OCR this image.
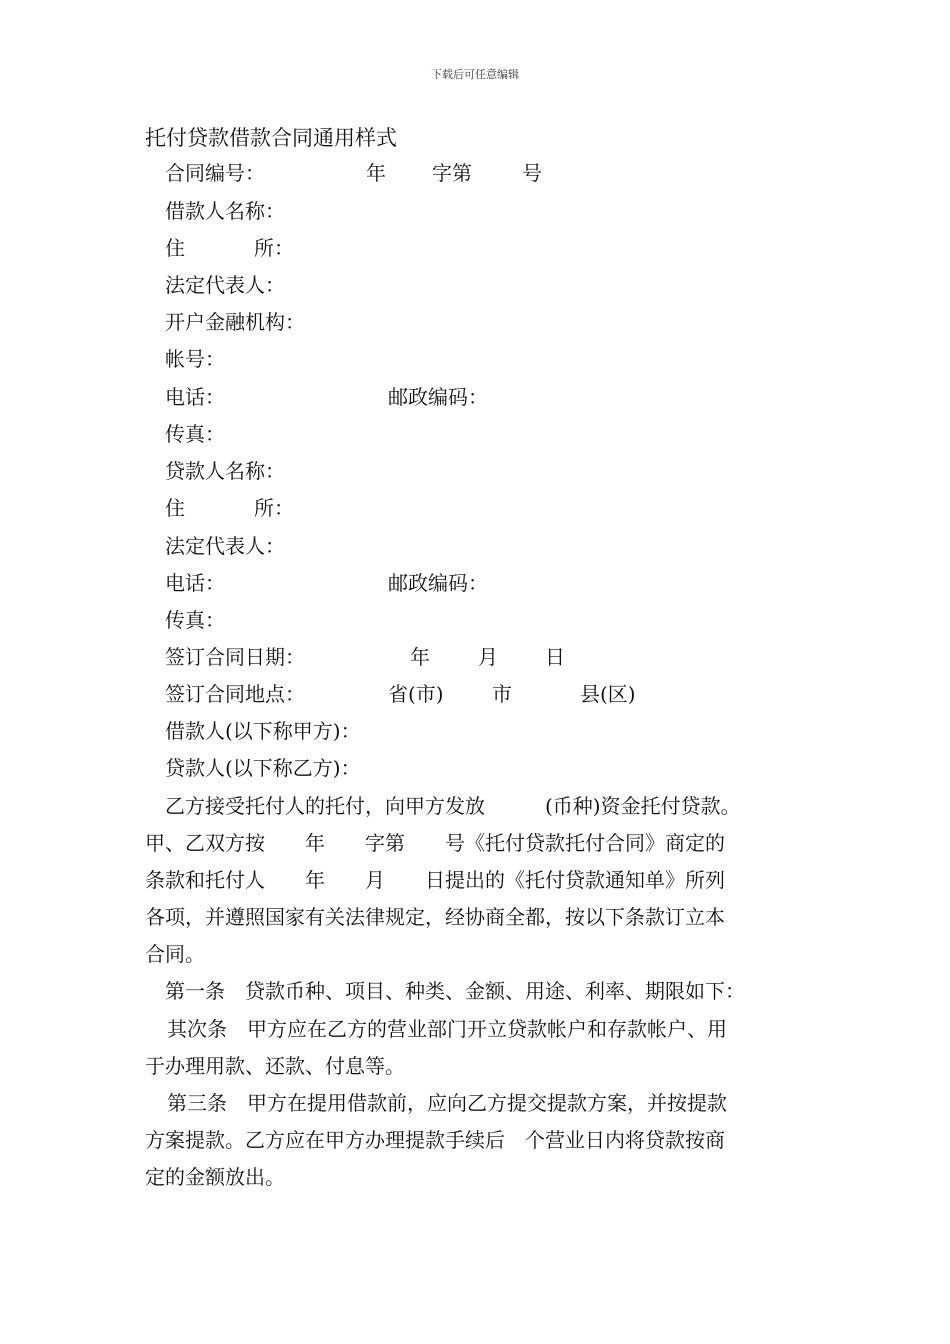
下载后可任意编辑
托付贷款借款合同通用样式
合同编号：	年 字第	号
借款人名称：
住	所：
法定代表人：
开户金融机构：
帐号：
电话：	邮政编码：
传真：
贷款人名称：
住	所：
法定代表人：
电话：	邮政编码：
传真：
签订合同日期：	年 月 日
签订合同地点：	省(市) 市	县(区)
借款人(以下称甲方)：
贷款人(以下称乙方)：
乙方接受托付人的托付，向甲方发放　　　(币种)资金托付贷款。
甲、乙双方按　　年　　字第　　号《托付贷款托付合同》商定的
条款和托付人　　年　　月　　日提出的《托付贷款通知单》所列
各项，并遵照国家有关法律规定，经协商全都，按以下条款订立本
合同。
第一条　贷款币种、项目、种类、金额、用途、利率、期限如下：
其次条　甲方应在乙方的营业部门开立贷款帐户和存款帐户、用
于办理用款、还款、付息等。
第三条　甲方在提用借款前，应向乙方提交提款方案，并按提款
方案提款。乙方应在甲方办理提款手续后　个营业日内将贷款按商
定的金额放出。
